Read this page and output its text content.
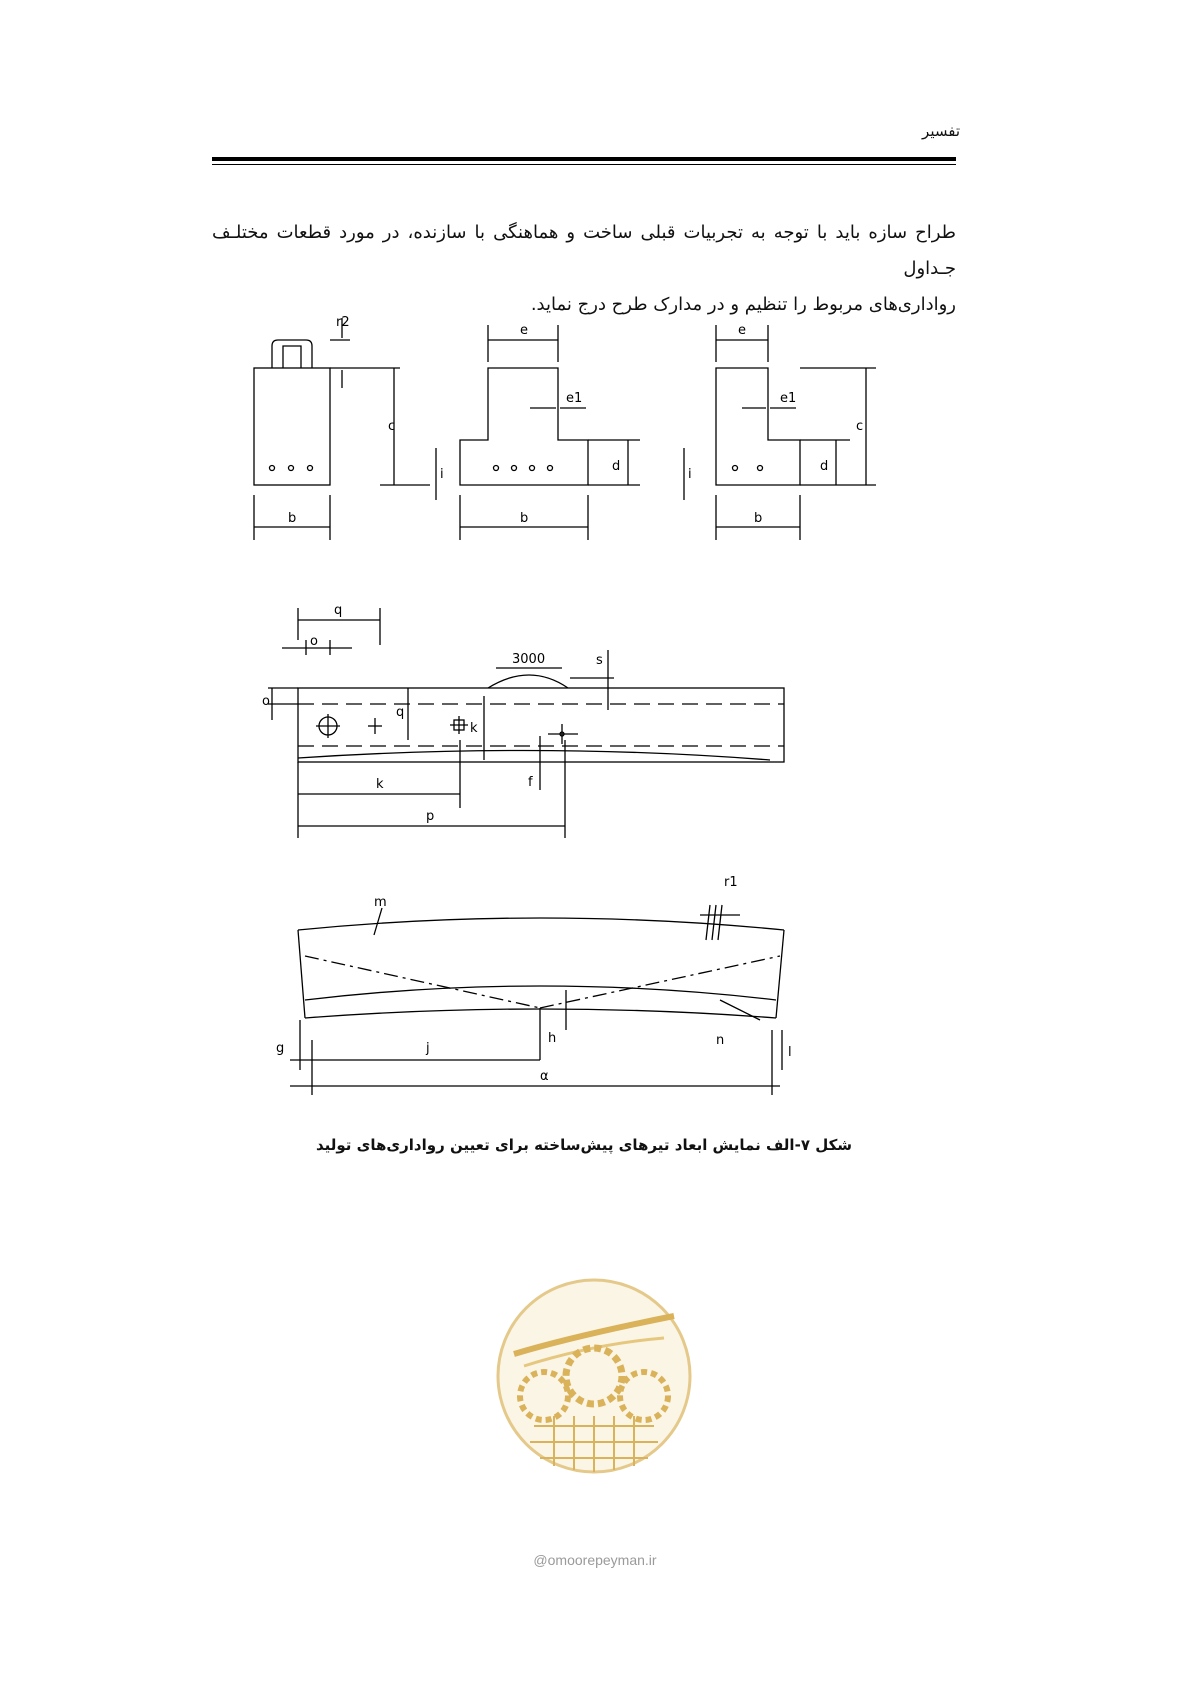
تفسیر
طراح سازه باید با توجه به تجربیات قبلی ساخت و هماهنگی با سازنده، در مورد قطعات مختلـف جـداول
رواداری‌های مربوط را تنظیم و در مدارک طرح درج نماید.
r2
c
i
b
e
e1
d
b
i
e
e1
d
c
b
q
o
3000	s
o
q
k
f
k
p
m
r1
g	j
h	n
l
α
شکل ۷-الف نمایش ابعاد تیرهای پیش‌ساخته برای تعیین رواداری‌های تولید
@omoorepeyman.ir
